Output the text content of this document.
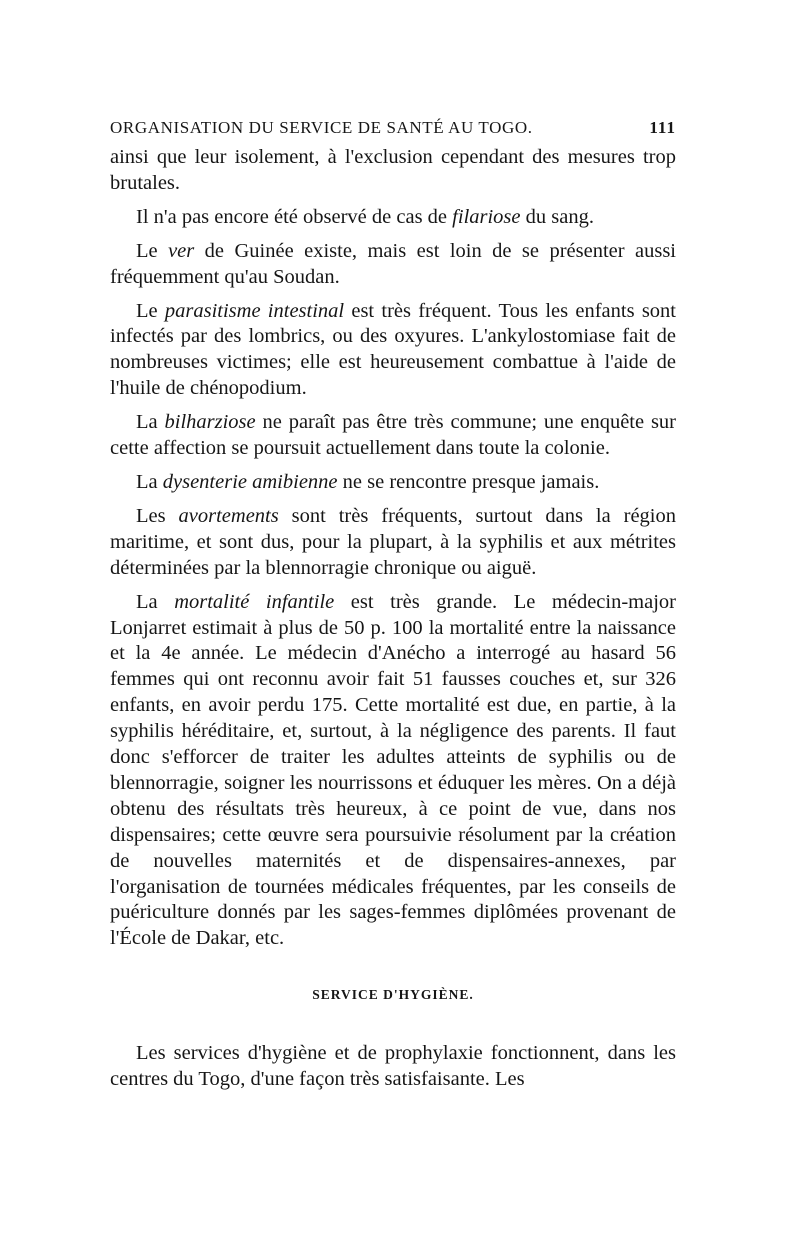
ORGANISATION DU SERVICE DE SANTÉ AU TOGO.	111

ainsi que leur isolement, à l'exclusion cependant des mesures trop brutales.

Il n'a pas encore été observé de cas de filariose du sang.

Le ver de Guinée existe, mais est loin de se présenter aussi fréquemment qu'au Soudan.

Le parasitisme intestinal est très fréquent. Tous les enfants sont infectés par des lombrics, ou des oxyures. L'ankylostomiase fait de nombreuses victimes; elle est heureusement combattue à l'aide de l'huile de chénopodium.

La bilharziose ne paraît pas être très commune; une enquête sur cette affection se poursuit actuellement dans toute la colonie.

La dysenterie amibienne ne se rencontre presque jamais.

Les avortements sont très fréquents, surtout dans la région maritime, et sont dus, pour la plupart, à la syphilis et aux métrites déterminées par la blennorragie chronique ou aiguë.

La mortalité infantile est très grande. Le médecin-major Lonjarret estimait à plus de 50 p. 100 la mortalité entre la naissance et la 4e année. Le médecin d'Anécho a interrogé au hasard 56 femmes qui ont reconnu avoir fait 51 fausses couches et, sur 326 enfants, en avoir perdu 175. Cette mortalité est due, en partie, à la syphilis héréditaire, et, surtout, à la négligence des parents. Il faut donc s'efforcer de traiter les adultes atteints de syphilis ou de blennorragie, soigner les nourrissons et éduquer les mères. On a déjà obtenu des résultats très heureux, à ce point de vue, dans nos dispensaires; cette œuvre sera poursuivie résolument par la création de nouvelles maternités et de dispensaires-annexes, par l'organisation de tournées médicales fréquentes, par les conseils de puériculture donnés par les sages-femmes diplômées provenant de l'École de Dakar, etc.

SERVICE D'HYGIÈNE.

Les services d'hygiène et de prophylaxie fonctionnent, dans les centres du Togo, d'une façon très satisfaisante. Les
